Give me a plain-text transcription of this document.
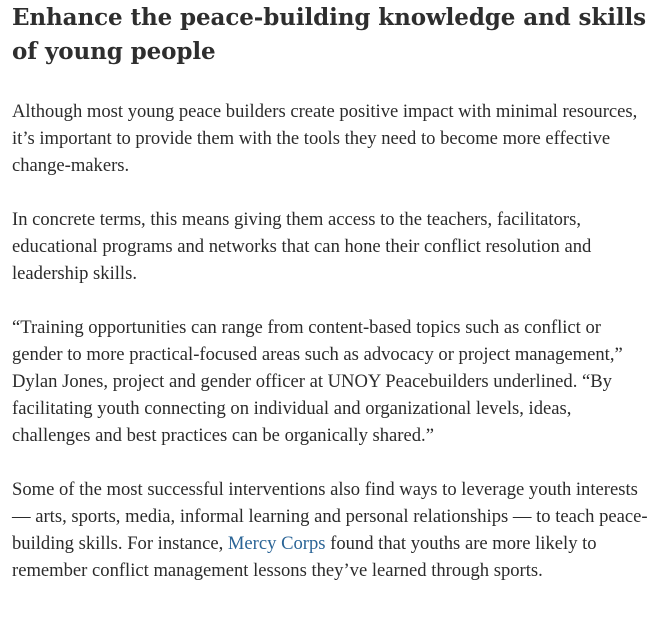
Enhance the peace-building knowledge and skills of young people

Although most young peace builders create positive impact with minimal resources, it’s important to provide them with the tools they need to become more effective change-makers.

In concrete terms, this means giving them access to the teachers, facilitators, educational programs and networks that can hone their conflict resolution and leadership skills.

“Training opportunities can range from content-based topics such as conflict or gender to more practical-focused areas such as advocacy or project management,” Dylan Jones, project and gender officer at UNOY Peacebuilders underlined. “By facilitating youth connecting on individual and organizational levels, ideas, challenges and best practices can be organically shared.”

Some of the most successful interventions also find ways to leverage youth interests — arts, sports, media, informal learning and personal relationships — to teach peace-building skills. For instance, Mercy Corps found that youths are more likely to remember conflict management lessons they’ve learned through sports.
